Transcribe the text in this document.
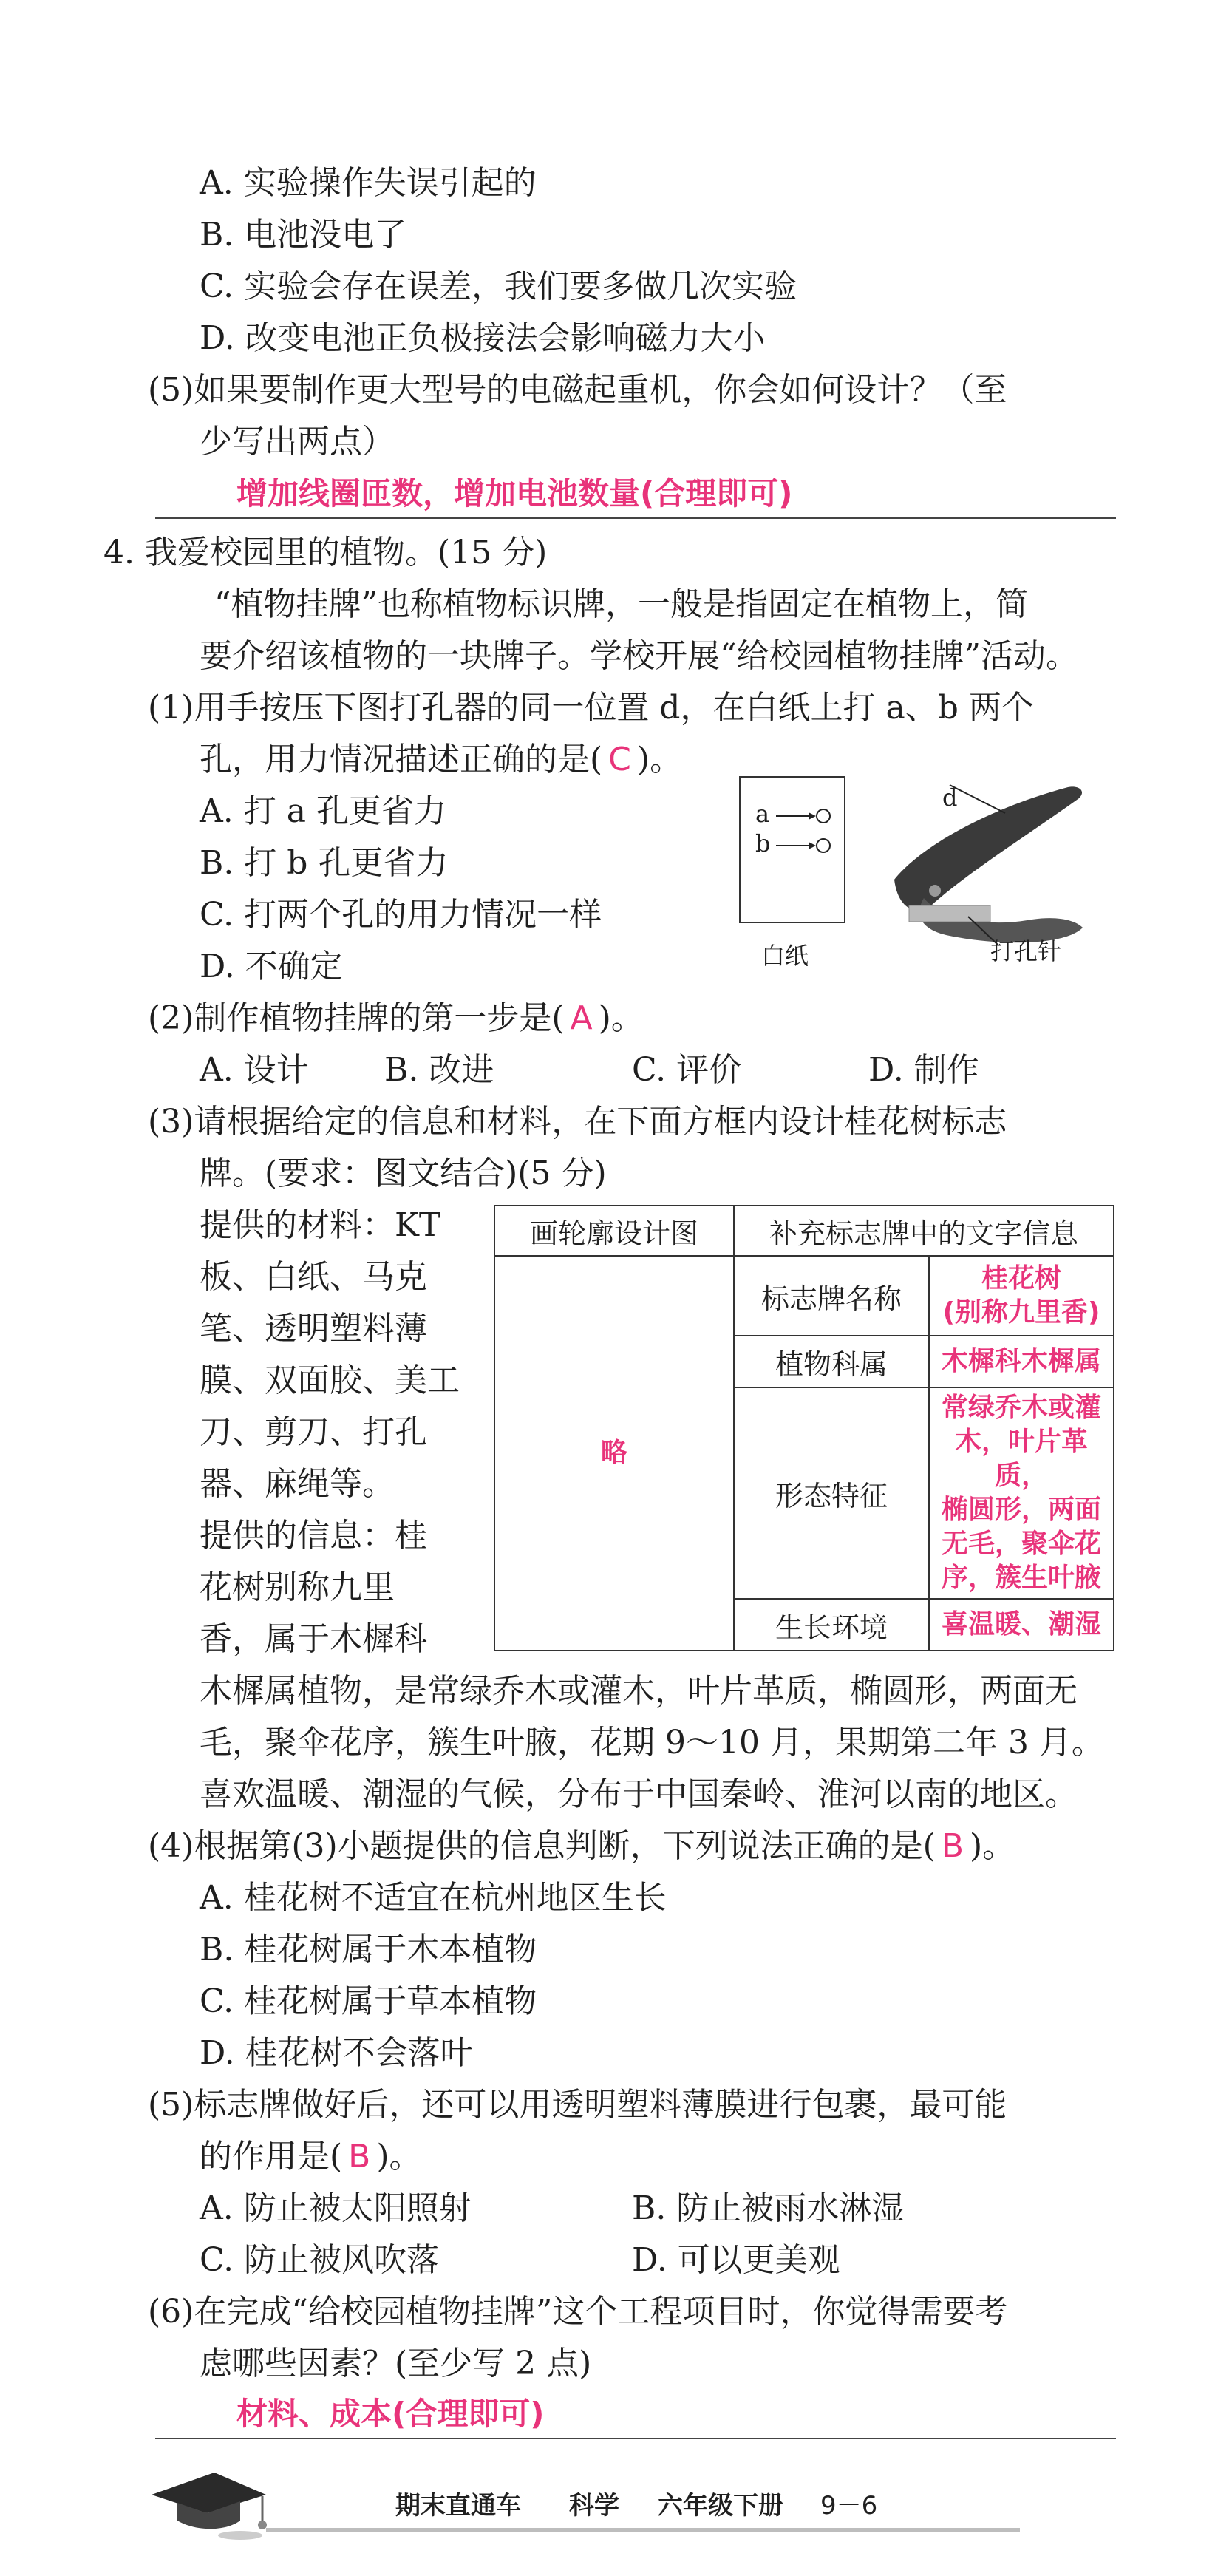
A. 实验操作失误引起的
B. 电池没电了
C. 实验会存在误差，我们要多做几次实验
D. 改变电池正负极接法会影响磁力大小
(5)如果要制作更大型号的电磁起重机，你会如何设计？（至
少写出两点）
增加线圈匝数，增加电池数量(合理即可)
4. 我爱校园里的植物。(15 分)
“植物挂牌”也称植物标识牌，一般是指固定在植物上，简
要介绍该植物的一块牌子。学校开展“给校园植物挂牌”活动。
(1)用手按压下图打孔器的同一位置 d，在白纸上打 a、b 两个
孔，用力情况描述正确的是( C )。
A. 打 a 孔更省力
B. 打 b 孔更省力
C. 打两个孔的用力情况一样
D. 不确定
a
b
白纸
d
打孔针
(2)制作植物挂牌的第一步是( A )。
A. 设计 B. 改进	C. 评价	D. 制作
(3)请根据给定的信息和材料，在下面方框内设计桂花树标志
牌。(要求：图文结合)(5 分)
提供的材料：KT
板、白纸、马克
笔、透明塑料薄
膜、双面胶、美工
刀、剪刀、打孔
器、麻绳等。
提供的信息：桂
花树别称九里
香，属于木樨科
木樨属植物，是常绿乔木或灌木，叶片革质，椭圆形，两面无
毛，聚伞花序，簇生叶腋，花期 9～10 月，果期第二年 3 月。
喜欢温暖、潮湿的气候，分布于中国秦岭、淮河以南的地区。
画轮廓设计图	补充标志牌中的文字信息	
略	标志牌名称	桂花树
(别称九里香)

	植物科属	木樨科木樨属
	形态特征	常绿乔木或灌
木，叶片革质，
椭圆形，两面
无毛，聚伞花
序，簇生叶腋

	生长环境	喜温暖、潮湿
(4)根据第(3)小题提供的信息判断，下列说法正确的是( B )。
A. 桂花树不适宜在杭州地区生长
B. 桂花树属于木本植物
C. 桂花树属于草本植物
D. 桂花树不会落叶
(5)标志牌做好后，还可以用透明塑料薄膜进行包裹，最可能
的作用是( B )。
A. 防止被太阳照射	B. 防止被雨水淋湿
C. 防止被风吹落	D. 可以更美观
(6)在完成“给校园植物挂牌”这个工程项目时，你觉得需要考
虑哪些因素？(至少写 2 点)
材料、成本(合理即可)
期末直通车 科学 六年级下册 9－6
